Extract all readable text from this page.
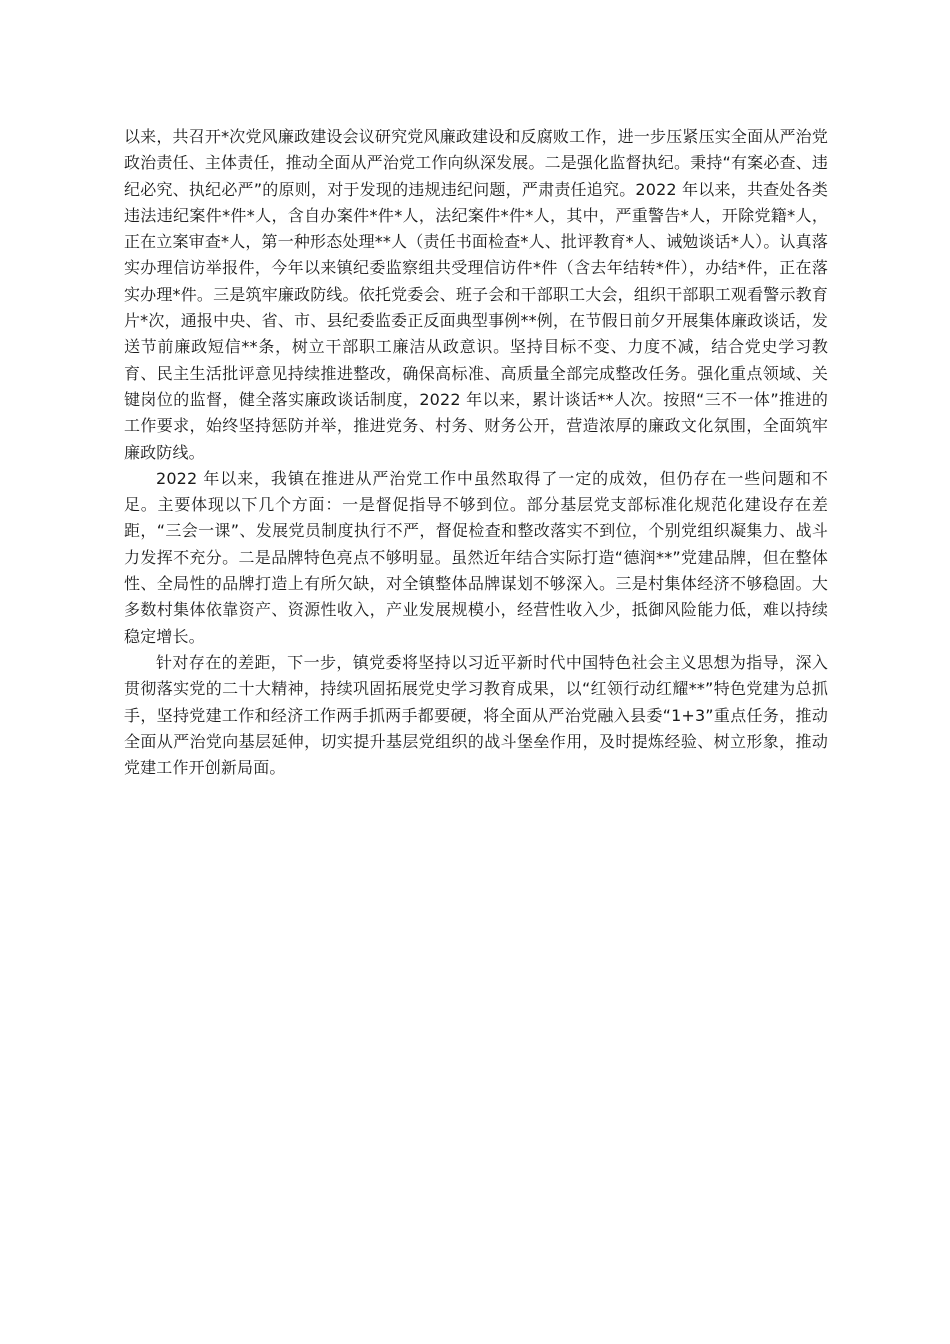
以来，共召开*次党风廉政建设会议研究党风廉政建设和反腐败工作，进一步压紧压实全面从严治党政治责任、主体责任，推动全面从严治党工作向纵深发展。二是强化监督执纪。秉持“有案必查、违纪必究、执纪必严”的原则，对于发现的违规违纪问题，严肃责任追究。2022 年以来，共查处各类违法违纪案件*件*人，含自办案件*件*人，法纪案件*件*人，其中，严重警告*人，开除党籍*人，正在立案审查*人，第一种形态处理**人（责任书面检查*人、批评教育*人、诫勉谈话*人）。认真落实办理信访举报件，今年以来镇纪委监察组共受理信访件*件（含去年结转*件），办结*件，正在落实办理*件。三是筑牢廉政防线。依托党委会、班子会和干部职工大会，组织干部职工观看警示教育片*次，通报中央、省、市、县纪委监委正反面典型事例**例，在节假日前夕开展集体廉政谈话，发送节前廉政短信**条，树立干部职工廉洁从政意识。坚持目标不变、力度不减，结合党史学习教育、民主生活批评意见持续推进整改，确保高标准、高质量全部完成整改任务。强化重点领域、关键岗位的监督，健全落实廉政谈话制度，2022 年以来，累计谈话**人次。按照“三不一体”推进的工作要求，始终坚持惩防并举，推进党务、村务、财务公开，营造浓厚的廉政文化氛围，全面筑牢廉政防线。

2022 年以来，我镇在推进从严治党工作中虽然取得了一定的成效，但仍存在一些问题和不足。主要体现以下几个方面：一是督促指导不够到位。部分基层党支部标准化规范化建设存在差距，“三会一课”、发展党员制度执行不严，督促检查和整改落实不到位，个别党组织凝集力、战斗力发挥不充分。二是品牌特色亮点不够明显。虽然近年结合实际打造“德润**”党建品牌，但在整体性、全局性的品牌打造上有所欠缺，对全镇整体品牌谋划不够深入。三是村集体经济不够稳固。大多数村集体依靠资产、资源性收入，产业发展规模小，经营性收入少，抵御风险能力低，难以持续稳定增长。

针对存在的差距，下一步，镇党委将坚持以习近平新时代中国特色社会主义思想为指导，深入贯彻落实党的二十大精神，持续巩固拓展党史学习教育成果，以“红领行动红耀**”特色党建为总抓手，坚持党建工作和经济工作两手抓两手都要硬，将全面从严治党融入县委“1+3”重点任务，推动全面从严治党向基层延伸，切实提升基层党组织的战斗堡垒作用，及时提炼经验、树立形象，推动党建工作开创新局面。
